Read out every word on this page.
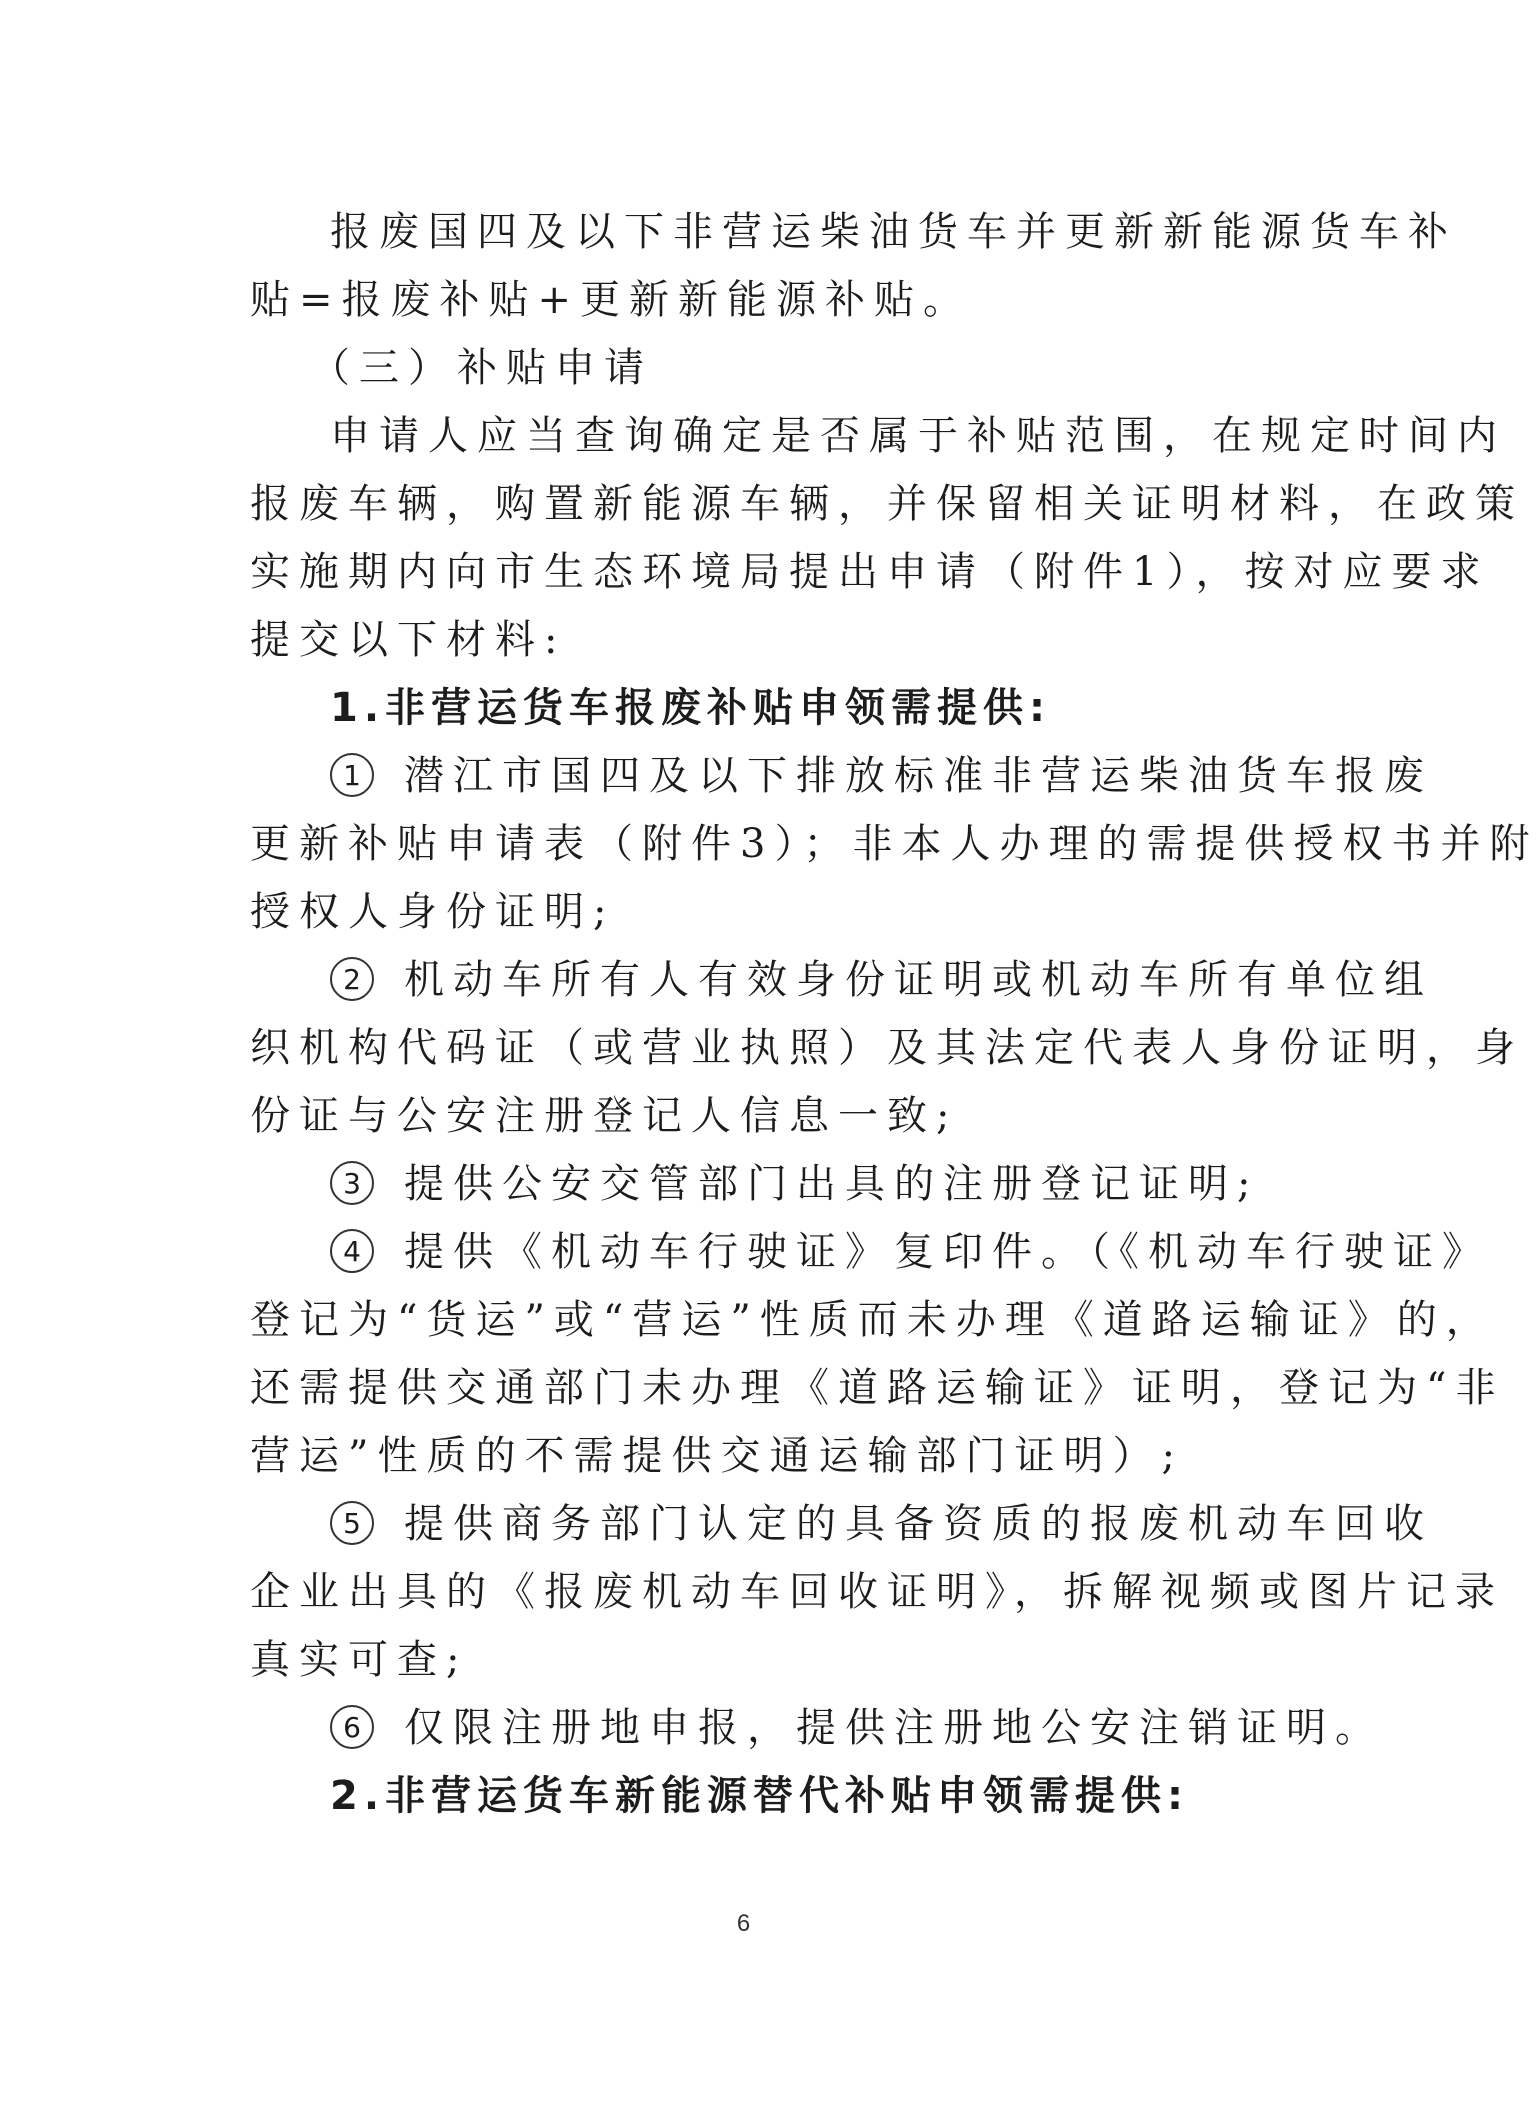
报废国四及以下非营运柴油货车并更新新能源货车补
贴=报废补贴+更新新能源补贴。
（三）补贴申请
申请人应当查询确定是否属于补贴范围，在规定时间内
报废车辆，购置新能源车辆，并保留相关证明材料，在政策
实施期内向市生态环境局提出申请（附件1），按对应要求
提交以下材料:
1.非营运货车报废补贴申领需提供:
1 潜江市国四及以下排放标准非营运柴油货车报废
更新补贴申请表（附件3）；非本人办理的需提供授权书并附
授权人身份证明;
2 机动车所有人有效身份证明或机动车所有单位组
织机构代码证（或营业执照）及其法定代表人身份证明，身
份证与公安注册登记人信息一致;
3 提供公安交管部门出具的注册登记证明;
4 提供《机动车行驶证》复印件。（《机动车行驶证》
登记为“货运”或“营运”性质而未办理《道路运输证》的，
还需提供交通部门未办理《道路运输证》证明，登记为“非
营运”性质的不需提供交通运输部门证明）;
5 提供商务部门认定的具备资质的报废机动车回收
企业出具的《报废机动车回收证明》，拆解视频或图片记录
真实可查;
6 仅限注册地申报，提供注册地公安注销证明。
2.非营运货车新能源替代补贴申领需提供:
6
